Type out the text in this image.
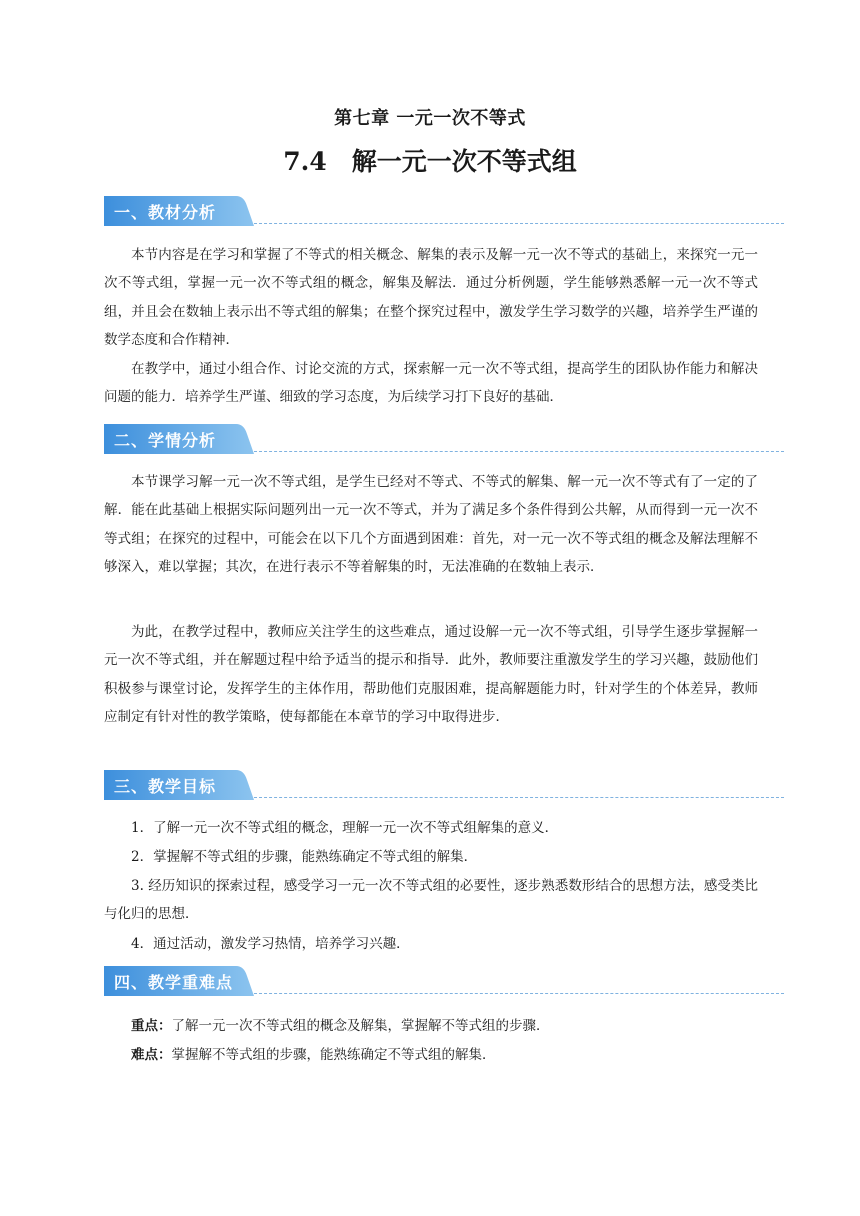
第七章 一元一次不等式
7.4　解一元一次不等式组
一、教材分析
本节内容是在学习和掌握了不等式的相关概念、解集的表示及解一元一次不等式的基础上，来探究一元一次不等式组，掌握一元一次不等式组的概念，解集及解法．通过分析例题，学生能够熟悉解一元一次不等式组，并且会在数轴上表示出不等式组的解集；在整个探究过程中，激发学生学习数学的兴趣，培养学生严谨的数学态度和合作精神．
在教学中，通过小组合作、讨论交流的方式，探索解一元一次不等式组，提高学生的团队协作能力和解决问题的能力．培养学生严谨、细致的学习态度，为后续学习打下良好的基础．
二、学情分析
本节课学习解一元一次不等式组，是学生已经对不等式、不等式的解集、解一元一次不等式有了一定的了解．能在此基础上根据实际问题列出一元一次不等式，并为了满足多个条件得到公共解，从而得到一元一次不等式组；在探究的过程中，可能会在以下几个方面遇到困难：首先，对一元一次不等式组的概念及解法理解不够深入，难以掌握；其次，在进行表示不等着解集的时，无法准确的在数轴上表示．
为此，在教学过程中，教师应关注学生的这些难点，通过设解一元一次不等式组，引导学生逐步掌握解一元一次不等式组，并在解题过程中给予适当的提示和指导．此外，教师要注重激发学生的学习兴趣，鼓励他们积极参与课堂讨论，发挥学生的主体作用，帮助他们克服困难，提高解题能力时，针对学生的个体差异，教师应制定有针对性的教学策略，使每都能在本章节的学习中取得进步．
三、教学目标
1．了解一元一次不等式组的概念，理解一元一次不等式组解集的意义．
2．掌握解不等式组的步骤，能熟练确定不等式组的解集．
3. 经历知识的探索过程，感受学习一元一次不等式组的必要性，逐步熟悉数形结合的思想方法，感受类比与化归的思想．
4．通过活动，激发学习热情，培养学习兴趣．
四、教学重难点
重点：了解一元一次不等式组的概念及解集，掌握解不等式组的步骤．
难点：掌握解不等式组的步骤，能熟练确定不等式组的解集．
